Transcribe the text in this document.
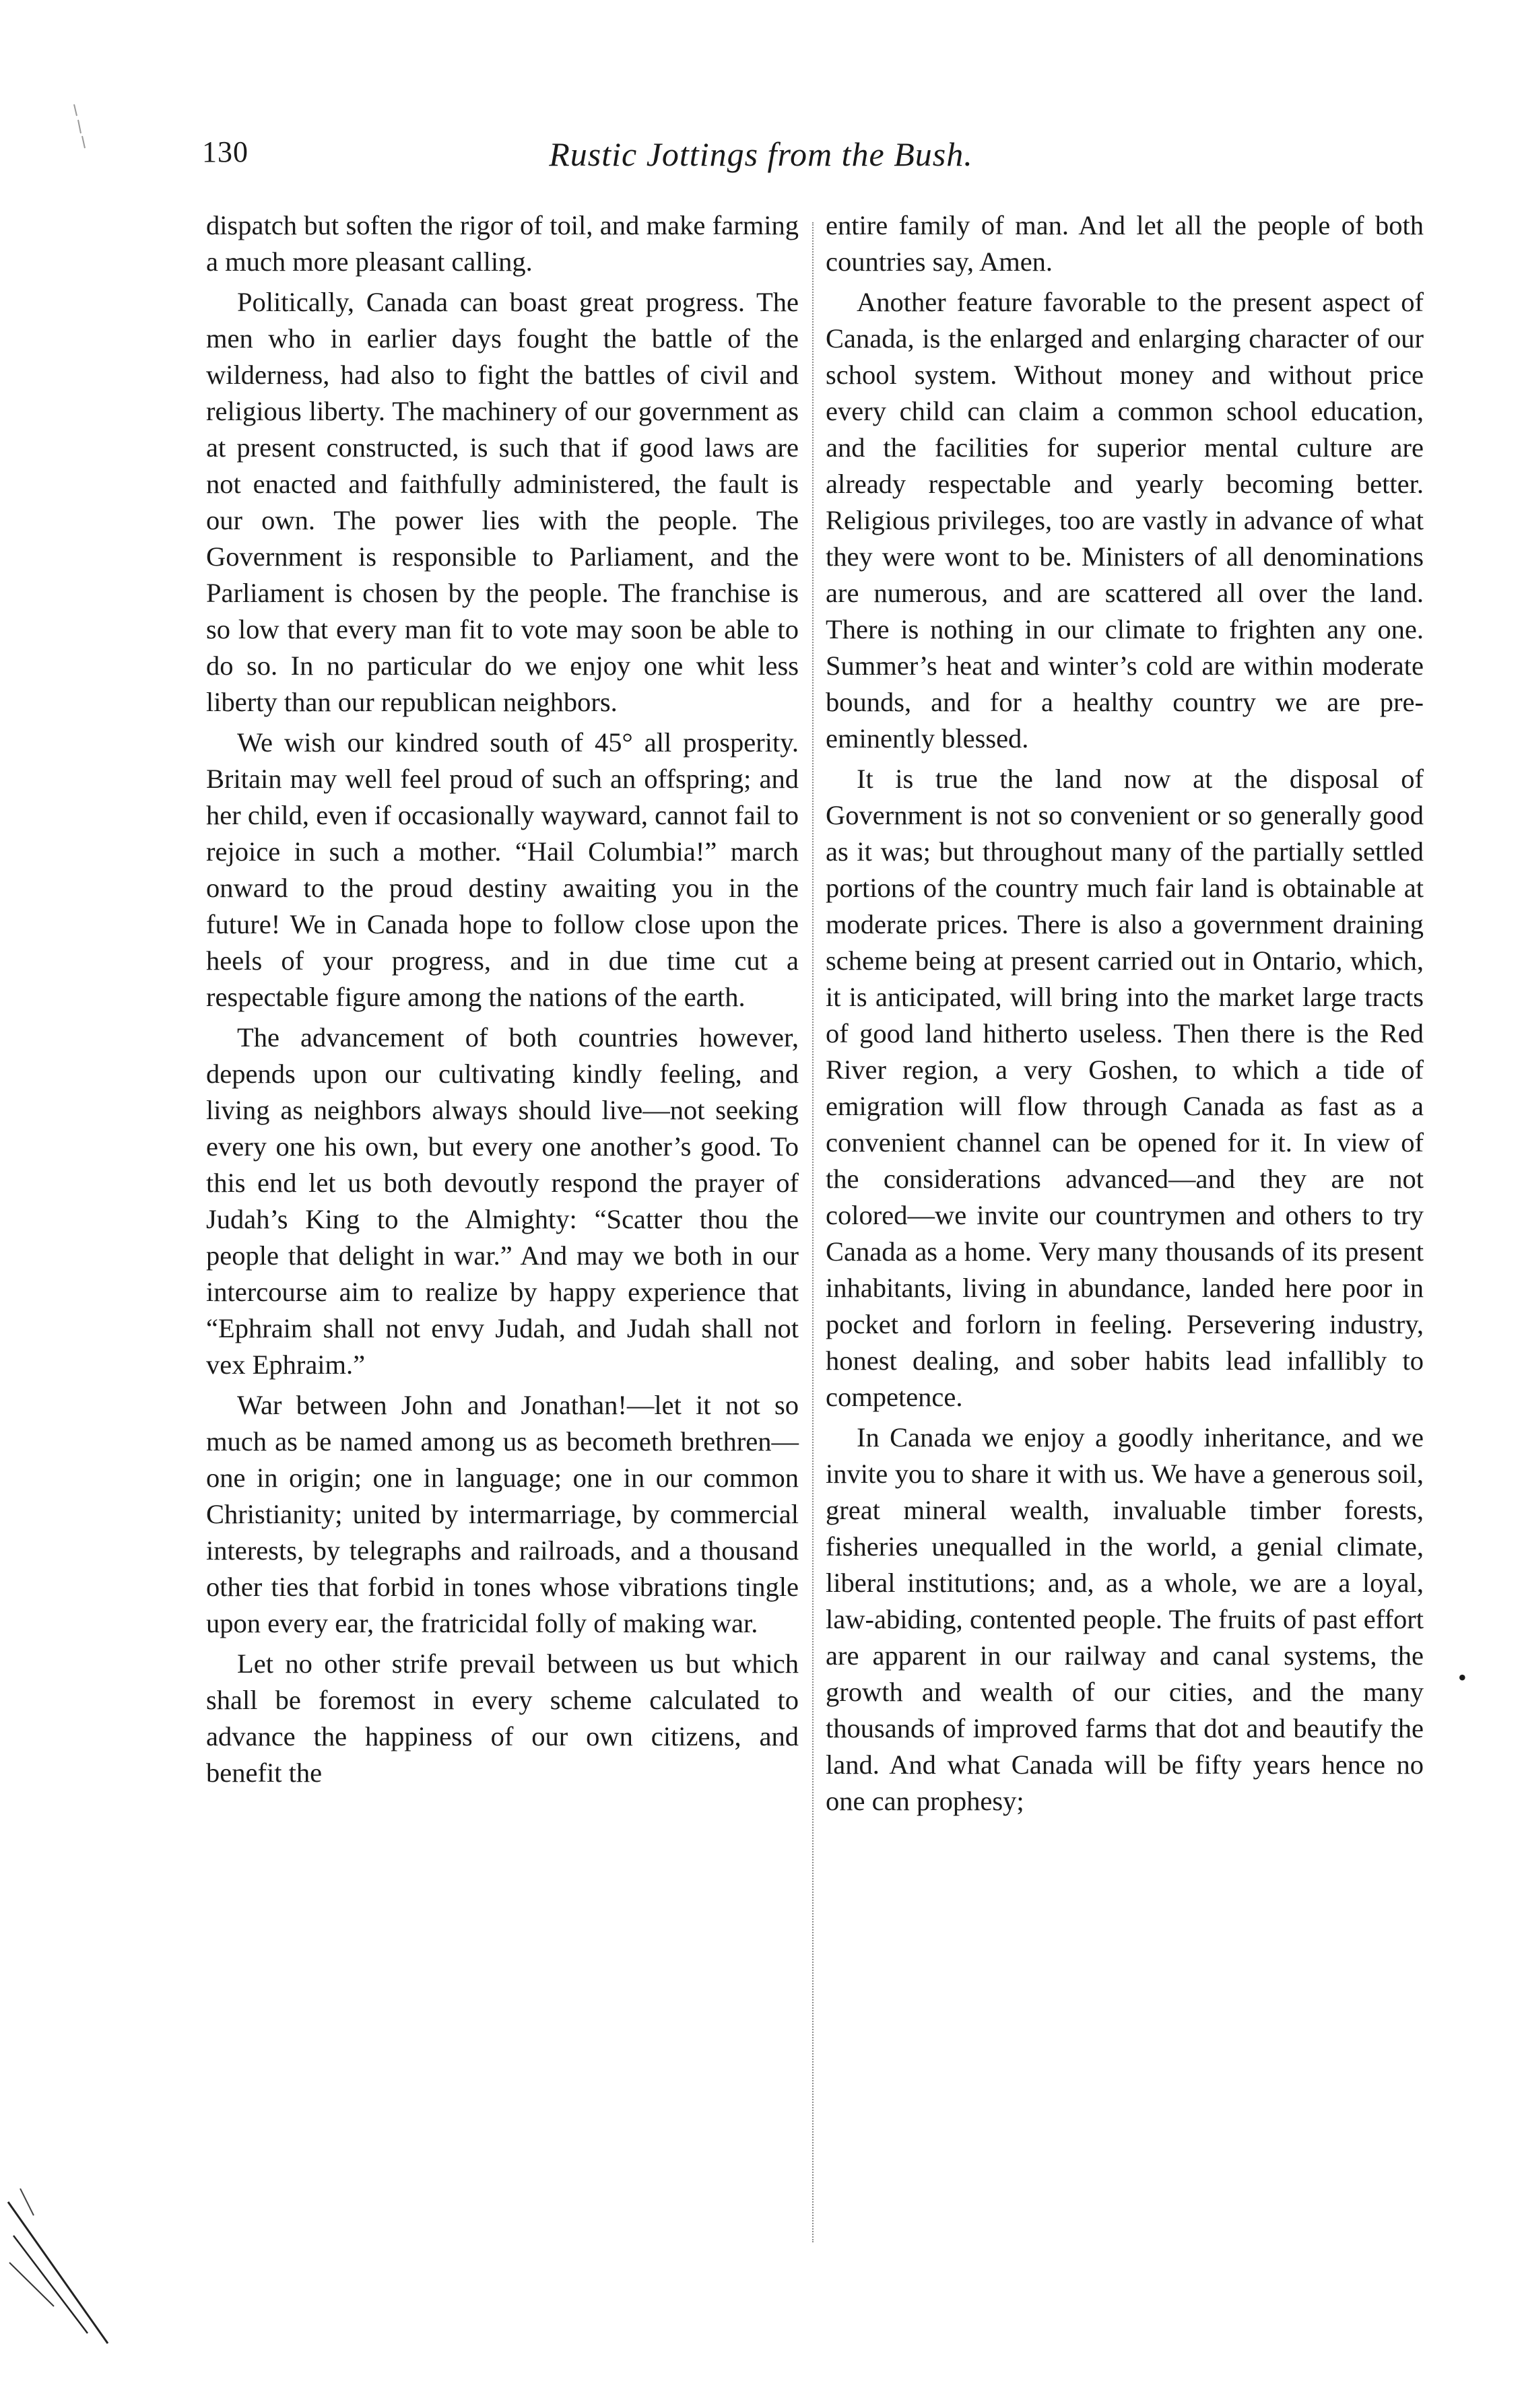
130	Rustic Jottings from the Bush.

dispatch but soften the rigor of toil, and make farming a much more pleasant calling.

Politically, Canada can boast great progress. The men who in earlier days fought the battle of the wilderness, had also to fight the battles of civil and religious liberty. The machinery of our government as at present constructed, is such that if good laws are not enacted and faithfully administered, the fault is our own. The power lies with the people. The Government is responsible to Parliament, and the Parliament is chosen by the people. The franchise is so low that every man fit to vote may soon be able to do so. In no particular do we enjoy one whit less liberty than our republican neighbors.

We wish our kindred south of 45° all prosperity. Britain may well feel proud of such an offspring; and her child, even if occasionally wayward, cannot fail to rejoice in such a mother. “Hail Columbia!” march onward to the proud destiny awaiting you in the future! We in Canada hope to follow close upon the heels of your progress, and in due time cut a respectable figure among the nations of the earth.

The advancement of both countries however, depends upon our cultivating kindly feeling, and living as neighbors always should live—not seeking every one his own, but every one another’s good. To this end let us both devoutly respond the prayer of Judah’s King to the Almighty: “Scatter thou the people that delight in war.” And may we both in our intercourse aim to realize by happy experience that “Ephraim shall not envy Judah, and Judah shall not vex Ephraim.”

War between John and Jonathan!—let it not so much as be named among us as becometh brethren—one in origin; one in language; one in our common Christianity; united by intermarriage, by commercial interests, by telegraphs and railroads, and a thousand other ties that forbid in tones whose vibrations tingle upon every ear, the fratricidal folly of making war.

Let no other strife prevail between us but which shall be foremost in every scheme calculated to advance the happiness of our own citizens, and benefit the

entire family of man. And let all the people of both countries say, Amen.

Another feature favorable to the present aspect of Canada, is the enlarged and enlarging character of our school system. Without money and without price every child can claim a common school education, and the facilities for superior mental culture are already respectable and yearly becoming better. Religious privileges, too are vastly in advance of what they were wont to be. Ministers of all denominations are numerous, and are scattered all over the land. There is nothing in our climate to frighten any one. Summer’s heat and winter’s cold are within moderate bounds, and for a healthy country we are pre-eminently blessed.

It is true the land now at the disposal of Government is not so convenient or so generally good as it was; but throughout many of the partially settled portions of the country much fair land is obtainable at moderate prices. There is also a government draining scheme being at present carried out in Ontario, which, it is anticipated, will bring into the market large tracts of good land hitherto useless. Then there is the Red River region, a very Goshen, to which a tide of emigration will flow through Canada as fast as a convenient channel can be opened for it. In view of the considerations advanced—and they are not colored—we invite our countrymen and others to try Canada as a home. Very many thousands of its present inhabitants, living in abundance, landed here poor in pocket and forlorn in feeling. Persevering industry, honest dealing, and sober habits lead infallibly to competence.

In Canada we enjoy a goodly inheritance, and we invite you to share it with us. We have a generous soil, great mineral wealth, invaluable timber forests, fisheries unequalled in the world, a genial climate, liberal institutions; and, as a whole, we are a loyal, law-abiding, contented people. The fruits of past effort are apparent in our railway and canal systems, the growth and wealth of our cities, and the many thousands of improved farms that dot and beautify the land. And what Canada will be fifty years hence no one can prophesy;

•
